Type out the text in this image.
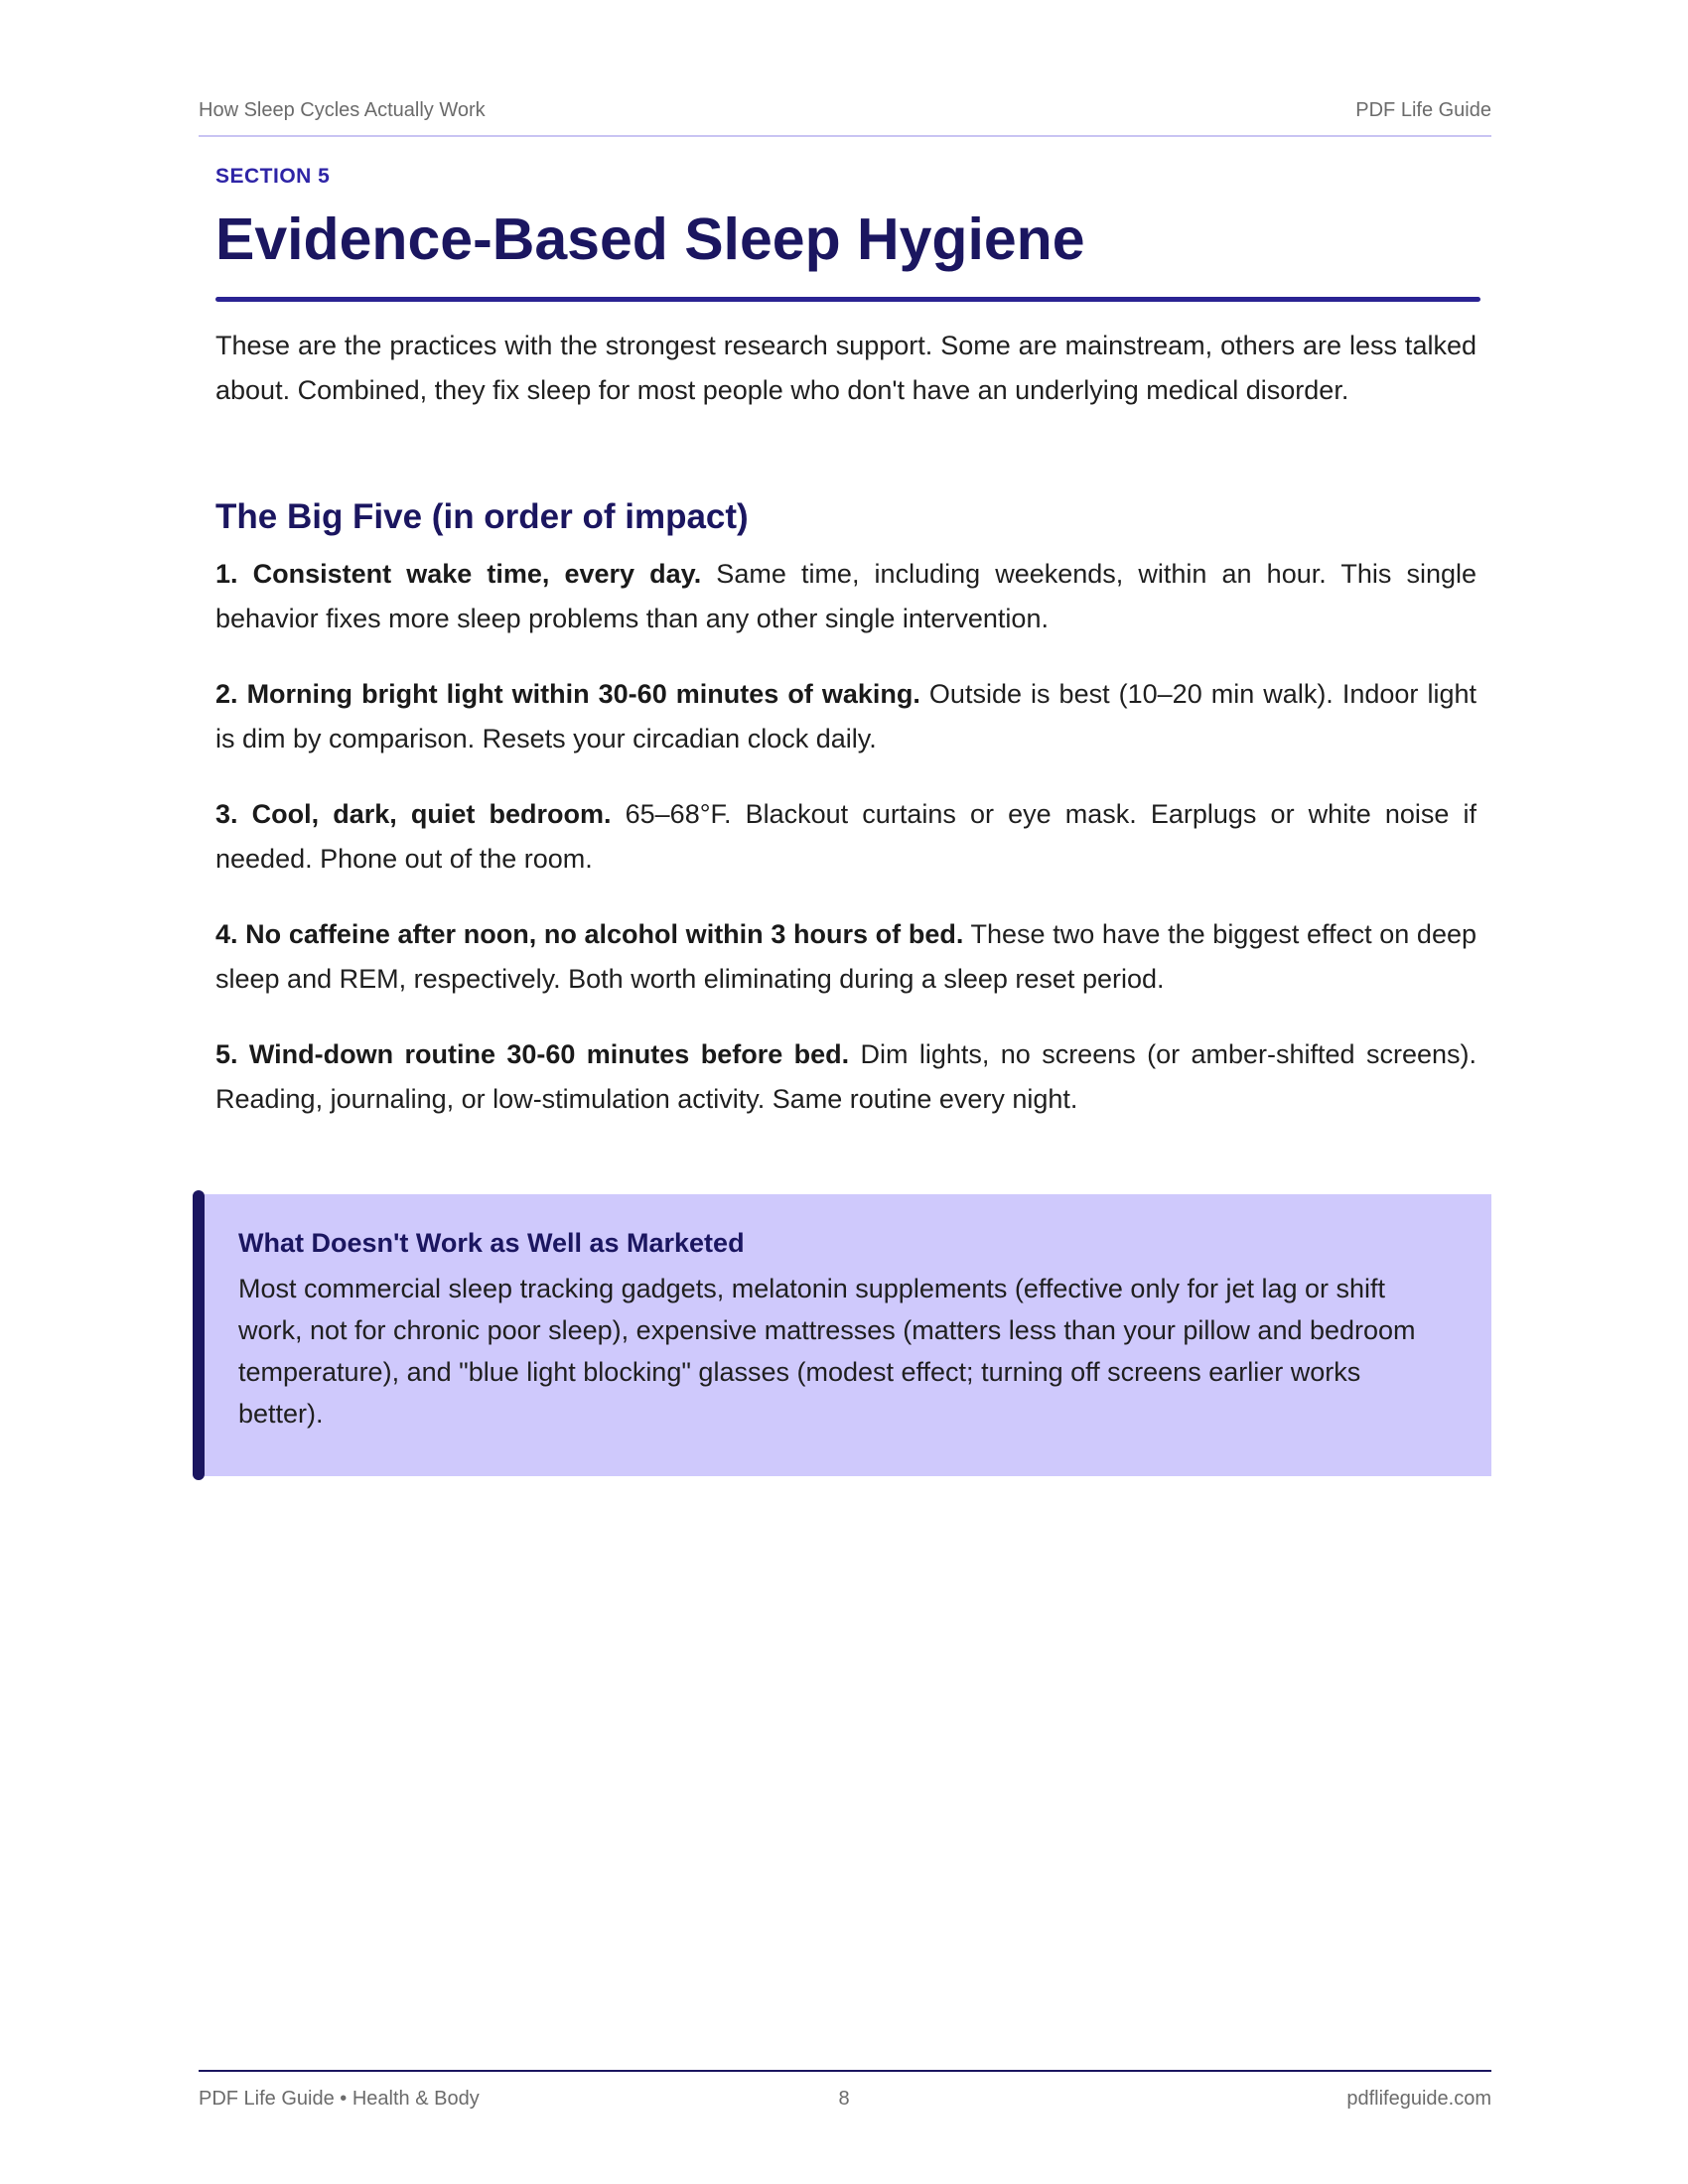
How Sleep Cycles Actually Work	PDF Life Guide

SECTION 5

Evidence-Based Sleep Hygiene

These are the practices with the strongest research support. Some are mainstream, others are less talked about. Combined, they fix sleep for most people who don't have an underlying medical disorder.

The Big Five (in order of impact)

1. Consistent wake time, every day. Same time, including weekends, within an hour. This single behavior fixes more sleep problems than any other single intervention.

2. Morning bright light within 30-60 minutes of waking. Outside is best (10–20 min walk). Indoor light is dim by comparison. Resets your circadian clock daily.

3. Cool, dark, quiet bedroom. 65–68°F. Blackout curtains or eye mask. Earplugs or white noise if needed. Phone out of the room.

4. No caffeine after noon, no alcohol within 3 hours of bed. These two have the biggest effect on deep sleep and REM, respectively. Both worth eliminating during a sleep reset period.

5. Wind-down routine 30-60 minutes before bed. Dim lights, no screens (or amber-shifted screens). Reading, journaling, or low-stimulation activity. Same routine every night.

What Doesn't Work as Well as Marketed

Most commercial sleep tracking gadgets, melatonin supplements (effective only for jet lag or shift work, not for chronic poor sleep), expensive mattresses (matters less than your pillow and bedroom temperature), and "blue light blocking" glasses (modest effect; turning off screens earlier works better).

PDF Life Guide • Health & Body	8	pdflifeguide.com
